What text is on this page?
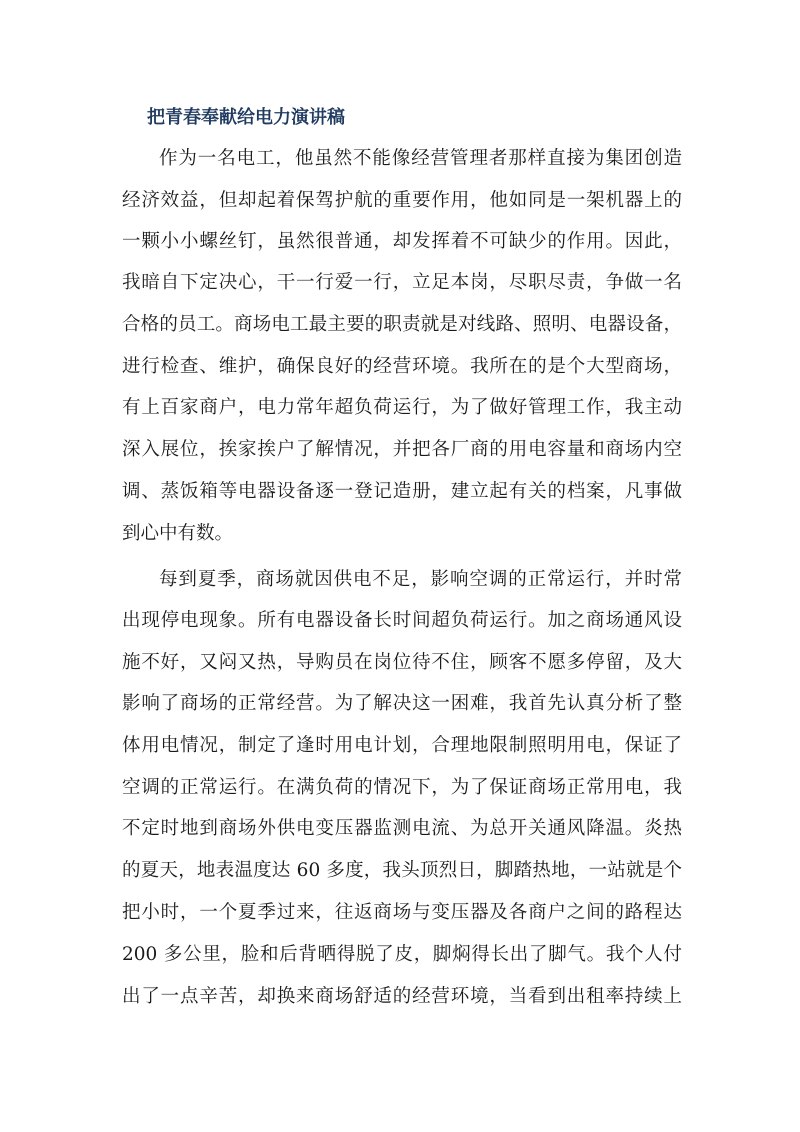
把青春奉献给电力演讲稿

作为一名电工，他虽然不能像经营管理者那样直接为集团创造

经济效益，但却起着保驾护航的重要作用，他如同是一架机器上的

一颗小小螺丝钉，虽然很普通，却发挥着不可缺少的作用。因此，

我暗自下定决心，干一行爱一行，立足本岗，尽职尽责，争做一名

合格的员工。商场电工最主要的职责就是对线路、照明、电器设备，

进行检查、维护，确保良好的经营环境。我所在的是个大型商场，

有上百家商户，电力常年超负荷运行，为了做好管理工作，我主动

深入展位，挨家挨户了解情况，并把各厂商的用电容量和商场内空

调、蒸饭箱等电器设备逐一登记造册，建立起有关的档案，凡事做

到心中有数。

每到夏季，商场就因供电不足，影响空调的正常运行，并时常

出现停电现象。所有电器设备长时间超负荷运行。加之商场通风设

施不好，又闷又热，导购员在岗位待不住，顾客不愿多停留，及大

影响了商场的正常经营。为了解决这一困难，我首先认真分析了整

体用电情况，制定了逢时用电计划，合理地限制照明用电，保证了

空调的正常运行。在满负荷的情况下，为了保证商场正常用电，我

不定时地到商场外供电变压器监测电流、为总开关通风降温。炎热

的夏天，地表温度达 60 多度，我头顶烈日，脚踏热地，一站就是个

把小时，一个夏季过来，往返商场与变压器及各商户之间的路程达

200 多公里，脸和后背晒得脱了皮，脚焖得长出了脚气。我个人付

出了一点辛苦，却换来商场舒适的经营环境，当看到出租率持续上
